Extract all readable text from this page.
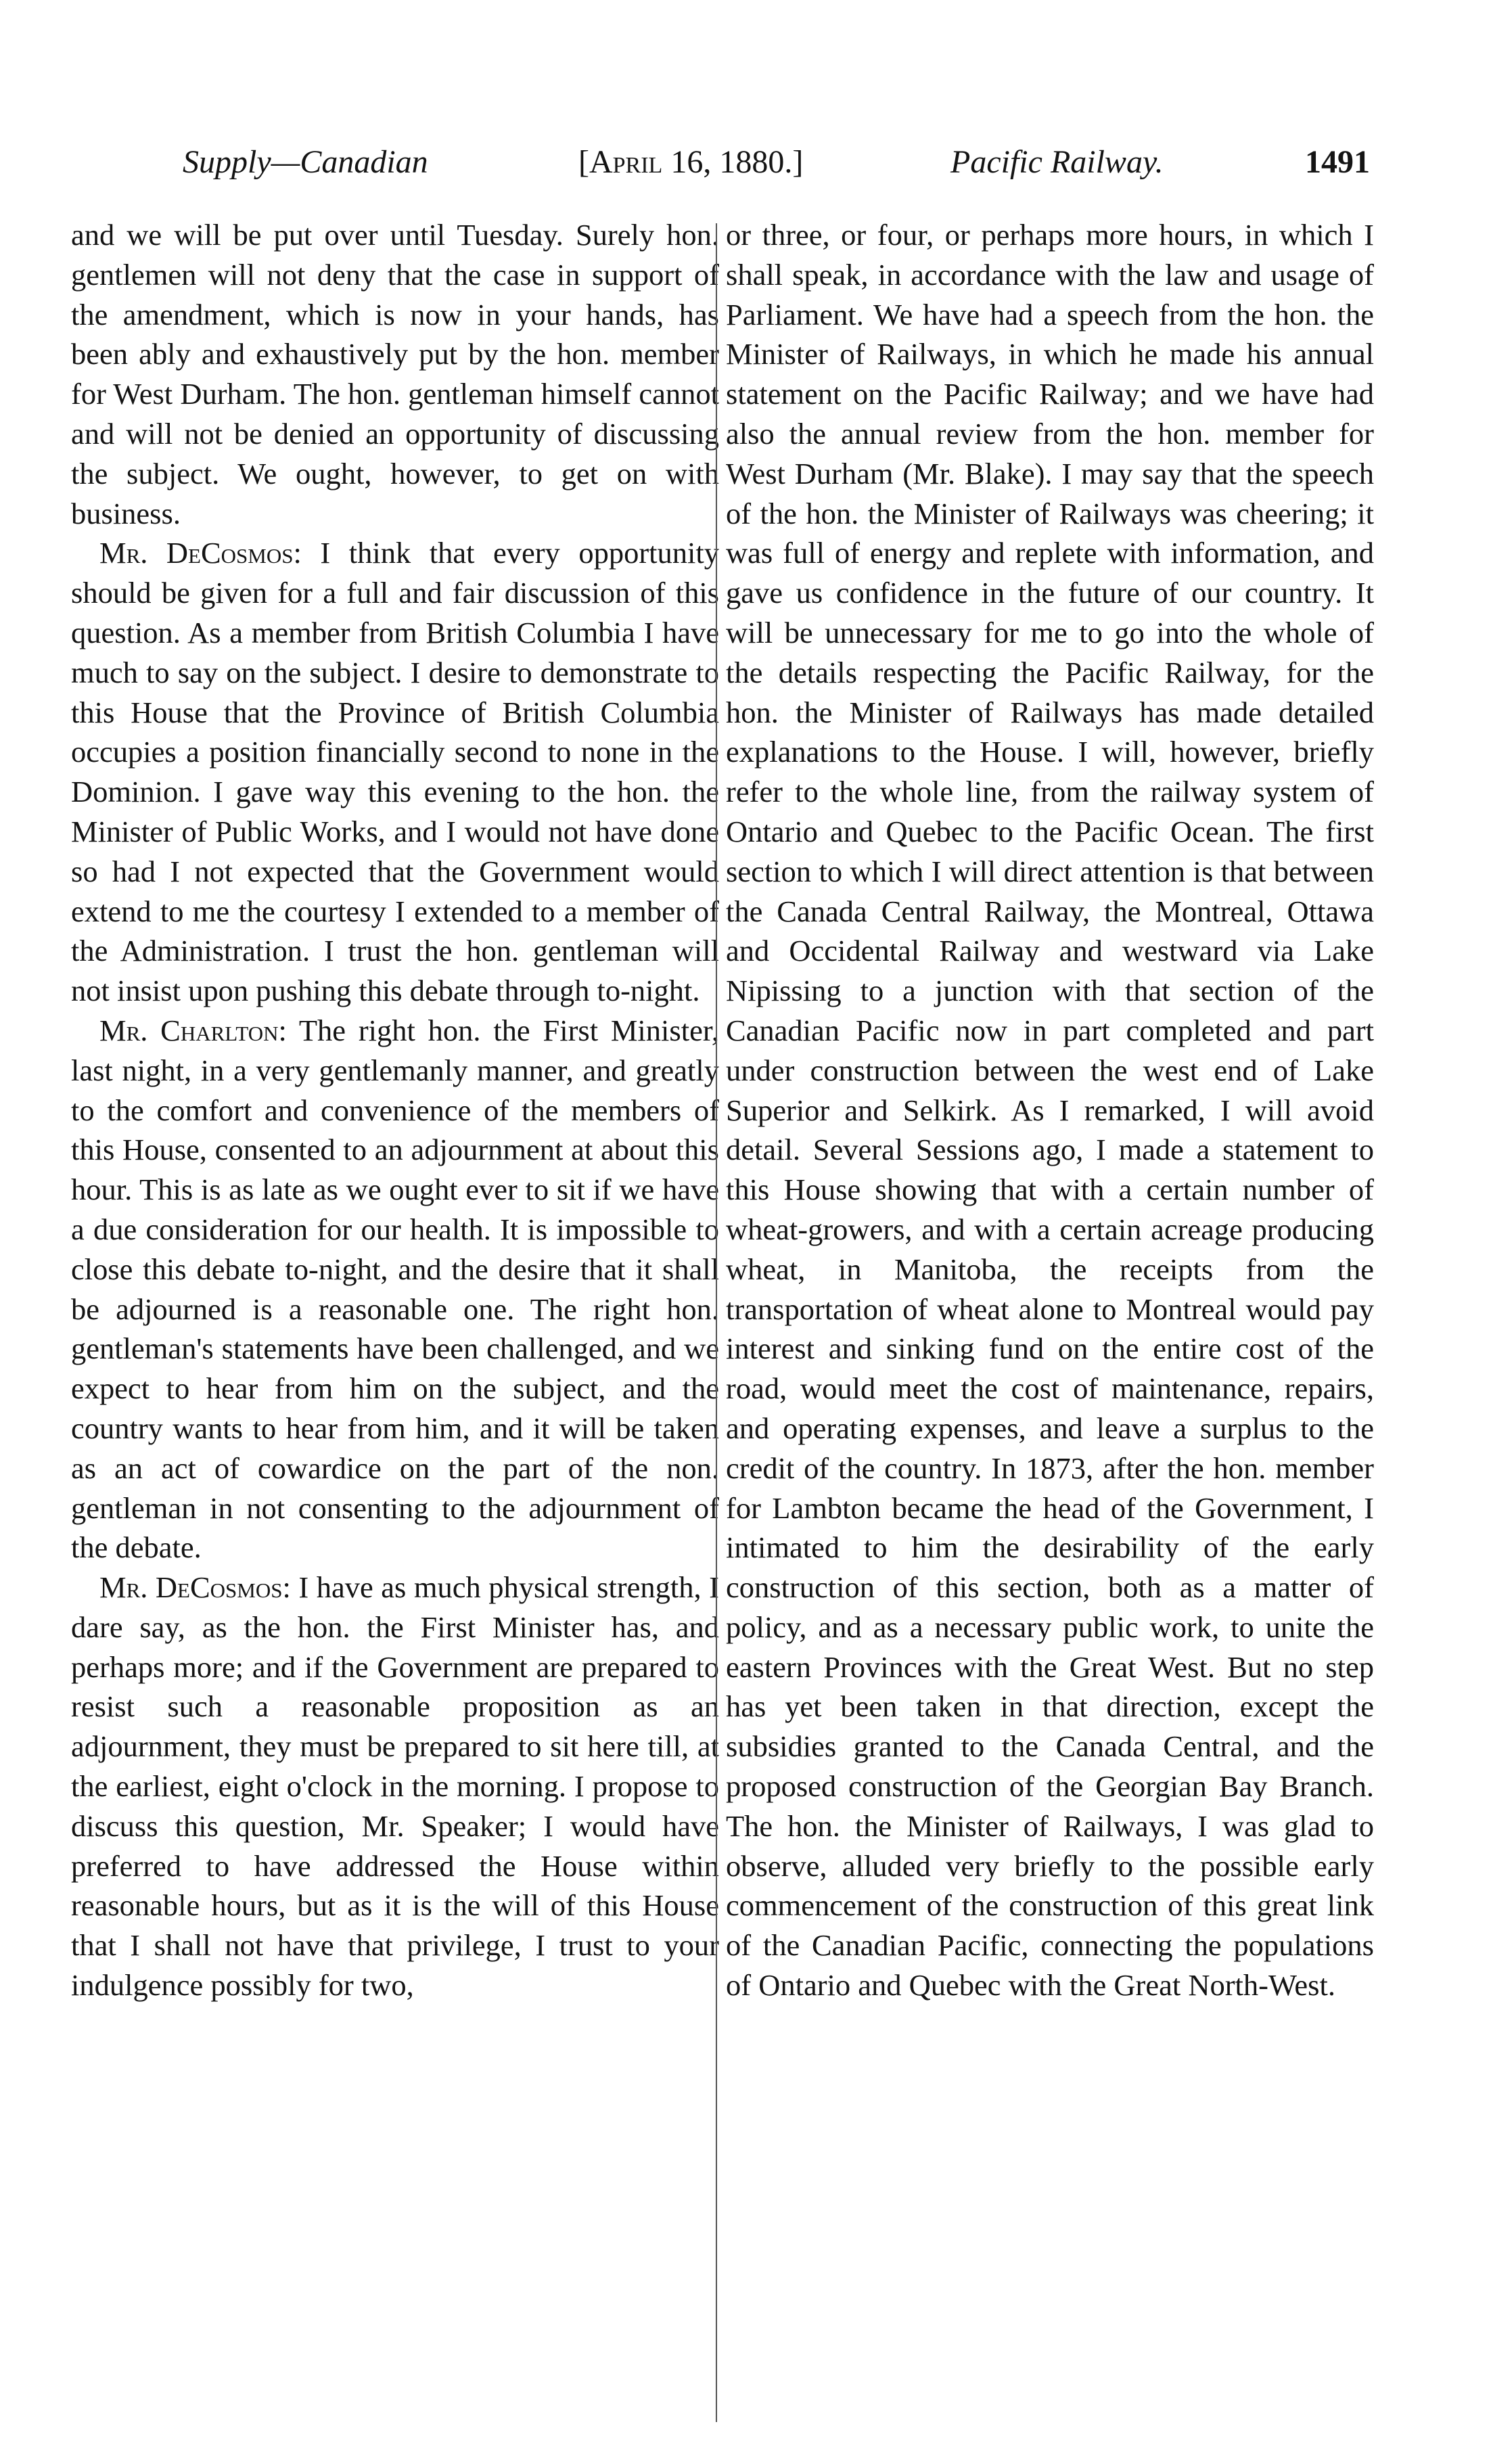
Supply—Canadian	[April 16, 1880.]	Pacific Railway.	1491

and we will be put over until Tuesday. Surely hon. gentlemen will not deny that the case in support of the amendment, which is now in your hands, has been ably and exhaustively put by the hon. member for West Durham. The hon. gentleman himself cannot and will not be denied an opportunity of discussing the subject. We ought, however, to get on with business.

Mr. DeCosmos: I think that every opportunity should be given for a full and fair discussion of this question. As a member from British Columbia I have much to say on the subject. I desire to demonstrate to this House that the Province of British Columbia occupies a position financially second to none in the Dominion. I gave way this evening to the hon. the Minister of Public Works, and I would not have done so had I not expected that the Government would extend to me the courtesy I extended to a member of the Administration. I trust the hon. gentleman will not insist upon pushing this debate through to-night.

Mr. Charlton: The right hon. the First Minister, last night, in a very gentlemanly manner, and greatly to the comfort and convenience of the members of this House, consented to an adjournment at about this hour. This is as late as we ought ever to sit if we have a due consideration for our health. It is impossible to close this debate to-night, and the desire that it shall be adjourned is a reasonable one. The right hon. gentleman's statements have been challenged, and we expect to hear from him on the subject, and the country wants to hear from him, and it will be taken as an act of cowardice on the part of the non. gentleman in not consenting to the adjournment of the debate.

Mr. DeCosmos: I have as much physical strength, I dare say, as the hon. the First Minister has, and perhaps more; and if the Government are prepared to resist such a reasonable proposition as an adjournment, they must be prepared to sit here till, at the earliest, eight o'clock in the morning. I propose to discuss this question, Mr. Speaker; I would have preferred to have addressed the House within reasonable hours, but as it is the will of this House that I shall not have that privilege, I trust to your indulgence possibly for two,

or three, or four, or perhaps more hours, in which I shall speak, in accordance with the law and usage of Parliament. We have had a speech from the hon. the Minister of Railways, in which he made his annual statement on the Pacific Railway; and we have had also the annual review from the hon. member for West Durham (Mr. Blake). I may say that the speech of the hon. the Minister of Railways was cheering; it was full of energy and replete with information, and gave us confidence in the future of our country. It will be unnecessary for me to go into the whole of the details respecting the Pacific Railway, for the hon. the Minister of Railways has made detailed explanations to the House. I will, however, briefly refer to the whole line, from the railway system of Ontario and Quebec to the Pacific Ocean. The first section to which I will direct attention is that between the Canada Central Railway, the Montreal, Ottawa and Occidental Railway and westward via Lake Nipissing to a junction with that section of the Canadian Pacific now in part completed and part under construction between the west end of Lake Superior and Selkirk. As I remarked, I will avoid detail. Several Sessions ago, I made a statement to this House showing that with a certain number of wheat-growers, and with a certain acreage producing wheat, in Manitoba, the receipts from the transportation of wheat alone to Montreal would pay interest and sinking fund on the entire cost of the road, would meet the cost of maintenance, repairs, and operating expenses, and leave a surplus to the credit of the country. In 1873, after the hon. member for Lambton became the head of the Government, I intimated to him the desirability of the early construction of this section, both as a matter of policy, and as a necessary public work, to unite the eastern Provinces with the Great West. But no step has yet been taken in that direction, except the subsidies granted to the Canada Central, and the proposed construction of the Georgian Bay Branch. The hon. the Minister of Railways, I was glad to observe, alluded very briefly to the possible early commencement of the construction of this great link of the Canadian Pacific, connecting the populations of Ontario and Quebec with the Great North-West.
